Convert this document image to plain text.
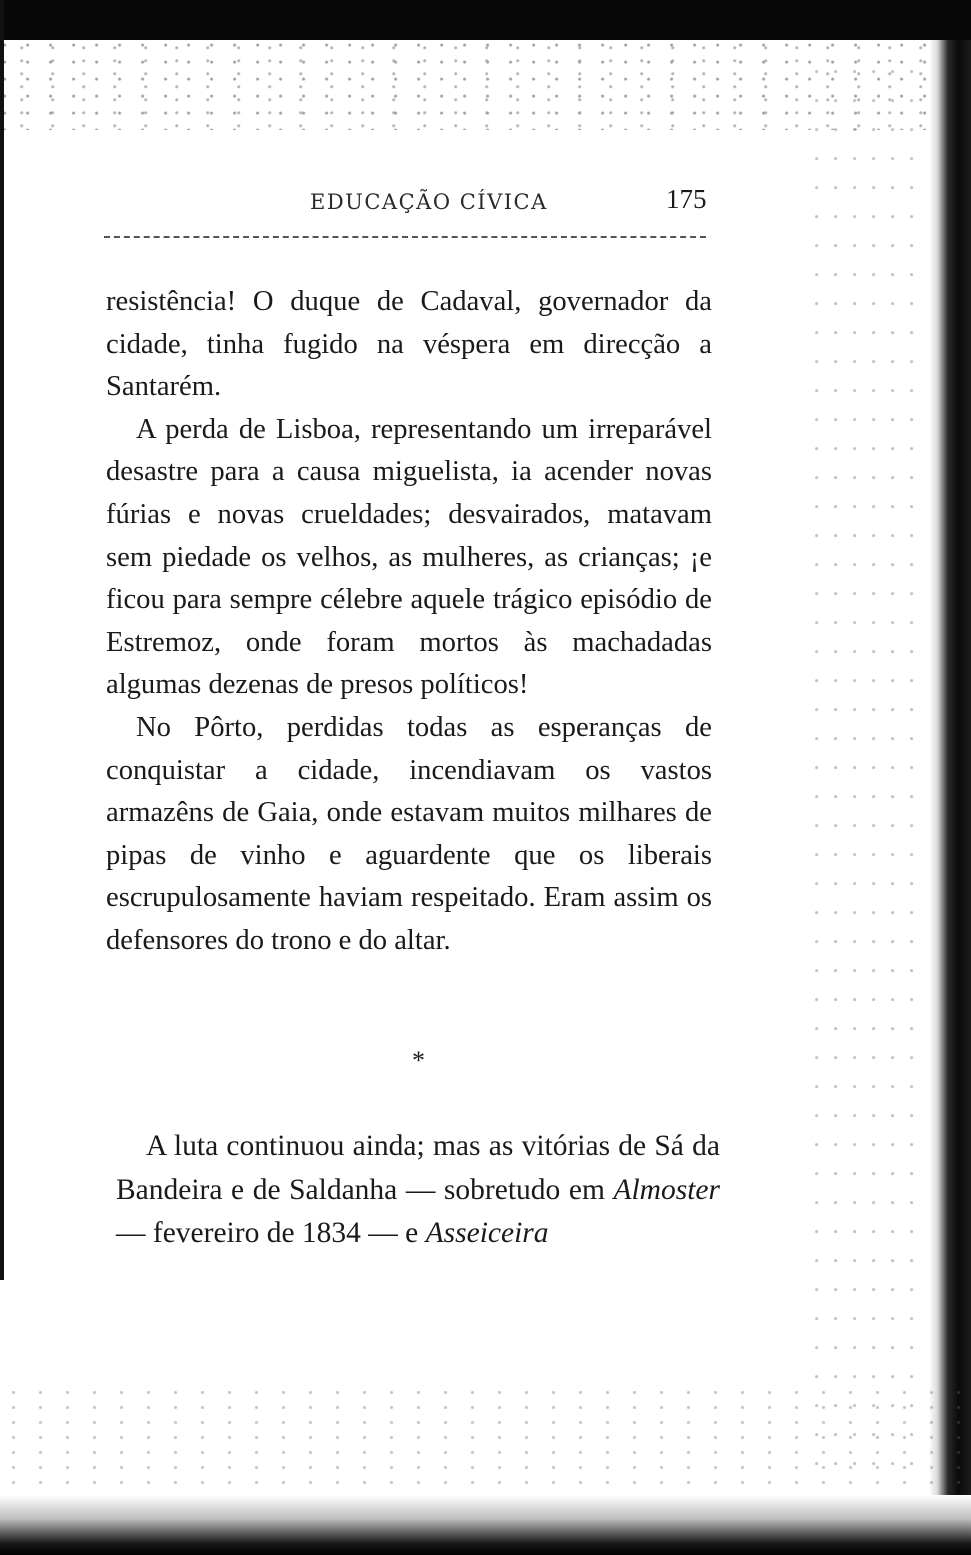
EDUCAÇÃO CÍVICA	175

resistência! O duque de Cadaval, governador da cidade, tinha fugido na véspera em direcção a Santarém.

A perda de Lisboa, representando um irreparável desastre para a causa miguelista, ia acender novas fúrias e novas crueldades; desvairados, matavam sem piedade os velhos, as mulheres, as crianças; ¡e ficou para sempre célebre aquele trágico episódio de Estremoz, onde foram mortos às machadadas algumas dezenas de presos políticos!

No Pôrto, perdidas todas as esperanças de conquistar a cidade, incendiavam os vastos armazêns de Gaia, onde estavam muitos milhares de pipas de vinho e aguardente que os liberais escrupulosamente haviam respeitado. Eram assim os defensores do trono e do altar.

*

A luta continuou ainda; mas as vitórias de Sá da Bandeira e de Saldanha — sobretudo em Almoster — fevereiro de 1834 — e Asseiceira
